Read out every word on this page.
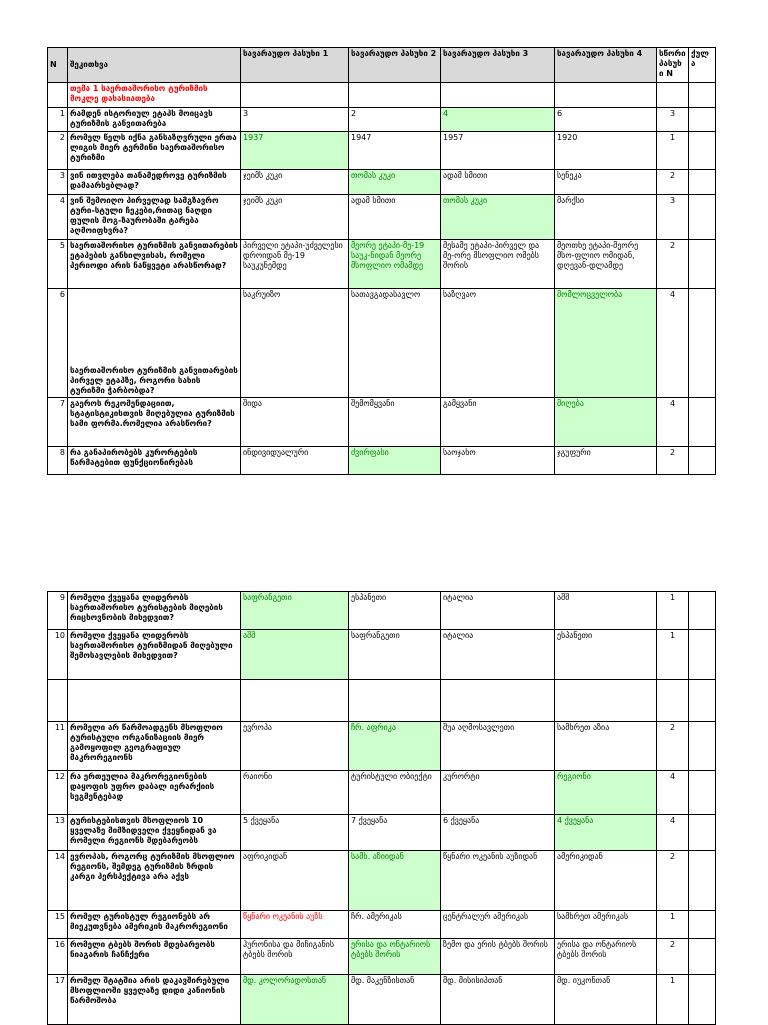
N	შეკითხვა	სავარაუდო პასუხი 1	სავარაუდო პასუხი 2	სავარაუდო პასუხი 3	სავარაუდო პასუხი 4	სწორი პასუხი N	ქულა
	თემა 1 საერთაშორისო ტურიზმის მოკლე დახასიათება						
1	რამდენ ისტორიულ ეტაპს მოიცავს ტურიზმის განვითარება	3	2	4	6	3	
2	რომელ წელს იქნა განსაზღვრული ერთა ლიგის მიერ ტერმინი საერთაშორისო ტურიზმი	1937	1947	1957	1920	1	
3	ვინ ითვლება თანამედროვე ტურიზმის დამაარსებლად?	ჯეიმს კუკი	თომას კუკი	ადამ სმითი	სენეკა	2	
4	ვინ შემოიღო პირველად სამგზავრო ტური-სტული ჩეკები,რითაც ნაღდი ფულის მოგ-ზაურობაში ტარება აღმოიფხვრა?	ჯეიმს კუკი	ადამ სმითი	თომას კუკი	მარქსი	3	
5	საერთაშორისო ტურიზმის განვითარების ეტაპების განხილვისას, რომელი პერიოდი არის ნაწყვეტი არასწორად?	პირველი ეტაპი-უძველესი დროიდან მე-19 საუკუნემდე	მეორე ეტაპი-მე-19 საუკ-ნიდან მეორე მსოფლიო ომამდე	მესამე ეტაპი-პირველ და მე-ორე მსოფლიო ომებს შორის	მეოთხე ეტაპი-მეორე მსო-ფლიო ომიდან, დღევან-დლამდე	2	
6	საერთაშორისო ტურიზმის განვითარების პირველ ეტაპზე, როგორი სახის ტურიზმი ჭარბობდა?	საკრუიზო	სათავგადასავლო	საზღვაო	მომლოცველობა	4	
7	გაეროს რეკომენდაციით, სტატისტიკისთვის მიღებულია ტურიზმის სამი ფორმა.რომელია არასწორი?	შიდა	შემომყვანი	გამყვანი	მიღება	4	
8	რა განაპირობებს კურორტების წარმატებით ფუნქციონირებას	ინდივიდუალური	ძვირფასი	საოჯახო	ჯგუფური	2	
9	რომელი ქვეყანა ლიდერობს საერთაშორისო ტურისტების მიღების რიცხოვნობის მიხედვით?	საფრანგეთი	ესპანეთი	იტალია	აშშ	1	
10	რომელი ქვეყანა ლიდერობს საერთაშორისო ტურიზმიდან მიღებული შემოსავლების მიხედვით?	აშშ	საფრანგეთი	იტალია	ესპანეთი	1	

11	რომელი არ წარმოადგენს მსოფლიო ტურისტული ორგანიზაციის მიერ გამოყოფილ გეოგრაფიულ მაკრორეგიონს	ევროპა	ჩრ. აფრიკა	შუა აღმოსავლეთი	სამხრეთ აზია	2	
12	რა ერთეულია მაკრორეგიონების დაყოფის უფრო დაბალ იერარქიის სეგმენტებად	რაიონი	ტურისტული ობიექტი	კურორტი	რეგიონი	4	
13	ტურისტებისთვის მსოფლიოს 10 ყველაზე მიმზიდველი ქვეყნიდან ვა რომელი რეგიონს მდებარეობს	5 ქვეყანა	7 ქვეყანა	6 ქვეყანა	4 ქვეყანა	4	
14	ევროპას, როგორც ტურიზმის მსოფლიო რეგიონს, შემდეგ ტურიზმის ზრდის კარგი პერსპექტივა არა აქვს	აფრიკიდან	სამხ. აზიიდან	წყნარი ოკეანის აუზიდან	ამერიკიდან	2	
15	რომელ ტურისტულ რეგიონებს არ მიეკუთვნება ამერიკის მაკრორეგიონი	წყნარი ოკეანის აუზს	ჩრ. ამერიკას	ცენტრალურ ამერიკას	სამხრეთ ამერიკას	1	
16	რომელი ტბებს შორის მდებარეობს ნიაგარის ჩანჩქერი	ჰურონისა და მიჩიგანის ტბებს შორის	ერისა და ონტარიოს ტბებს შორის	ზემო და ერის ტბებს შორის	ერისა და ონტარიოს ტბებს შორის	2	
17	რომელ შტატშია არის დაკავშირებული მსოფლიოში ყველაზე დიდი კანიონის წარმოშობა	მდ. კოლორადოსთან	მდ. მაკენზისთან	მდ. მისისიპთან	მდ. იუკონთან	1	
